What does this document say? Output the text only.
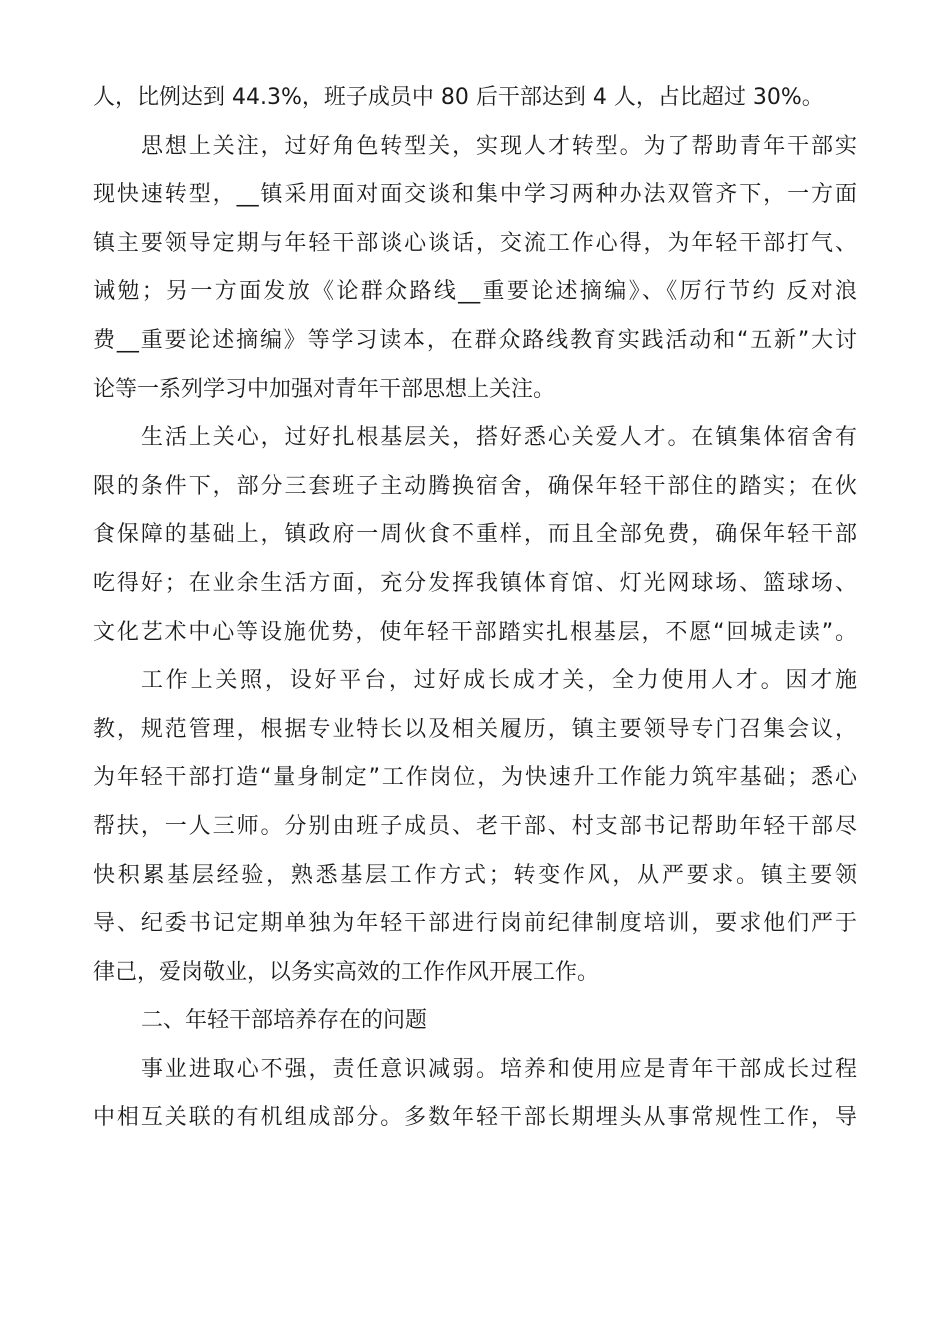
人，比例达到 44.3%，班子成员中 80 后干部达到 4 人，占比超过 30%。
思想上关注，过好角色转型关，实现人才转型。为了帮助青年干部实
现快速转型，__镇采用面对面交谈和集中学习两种办法双管齐下，一方面
镇主要领导定期与年轻干部谈心谈话，交流工作心得，为年轻干部打气、
诫勉；另一方面发放《论群众路线__重要论述摘编》、《厉行节约 反对浪
费__重要论述摘编》等学习读本，在群众路线教育实践活动和“五新”大讨
论等一系列学习中加强对青年干部思想上关注。
生活上关心，过好扎根基层关，搭好悉心关爱人才。在镇集体宿舍有
限的条件下，部分三套班子主动腾换宿舍，确保年轻干部住的踏实；在伙
食保障的基础上，镇政府一周伙食不重样，而且全部免费，确保年轻干部
吃得好；在业余生活方面，充分发挥我镇体育馆、灯光网球场、篮球场、
文化艺术中心等设施优势，使年轻干部踏实扎根基层，不愿“回城走读”。
工作上关照，设好平台，过好成长成才关，全力使用人才。因才施
教，规范管理，根据专业特长以及相关履历，镇主要领导专门召集会议，
为年轻干部打造“量身制定”工作岗位，为快速升工作能力筑牢基础；悉心
帮扶，一人三师。分别由班子成员、老干部、村支部书记帮助年轻干部尽
快积累基层经验，熟悉基层工作方式；转变作风，从严要求。镇主要领
导、纪委书记定期单独为年轻干部进行岗前纪律制度培训，要求他们严于
律己，爱岗敬业，以务实高效的工作作风开展工作。
二、年轻干部培养存在的问题
事业进取心不强，责任意识减弱。培养和使用应是青年干部成长过程
中相互关联的有机组成部分。多数年轻干部长期埋头从事常规性工作，导
